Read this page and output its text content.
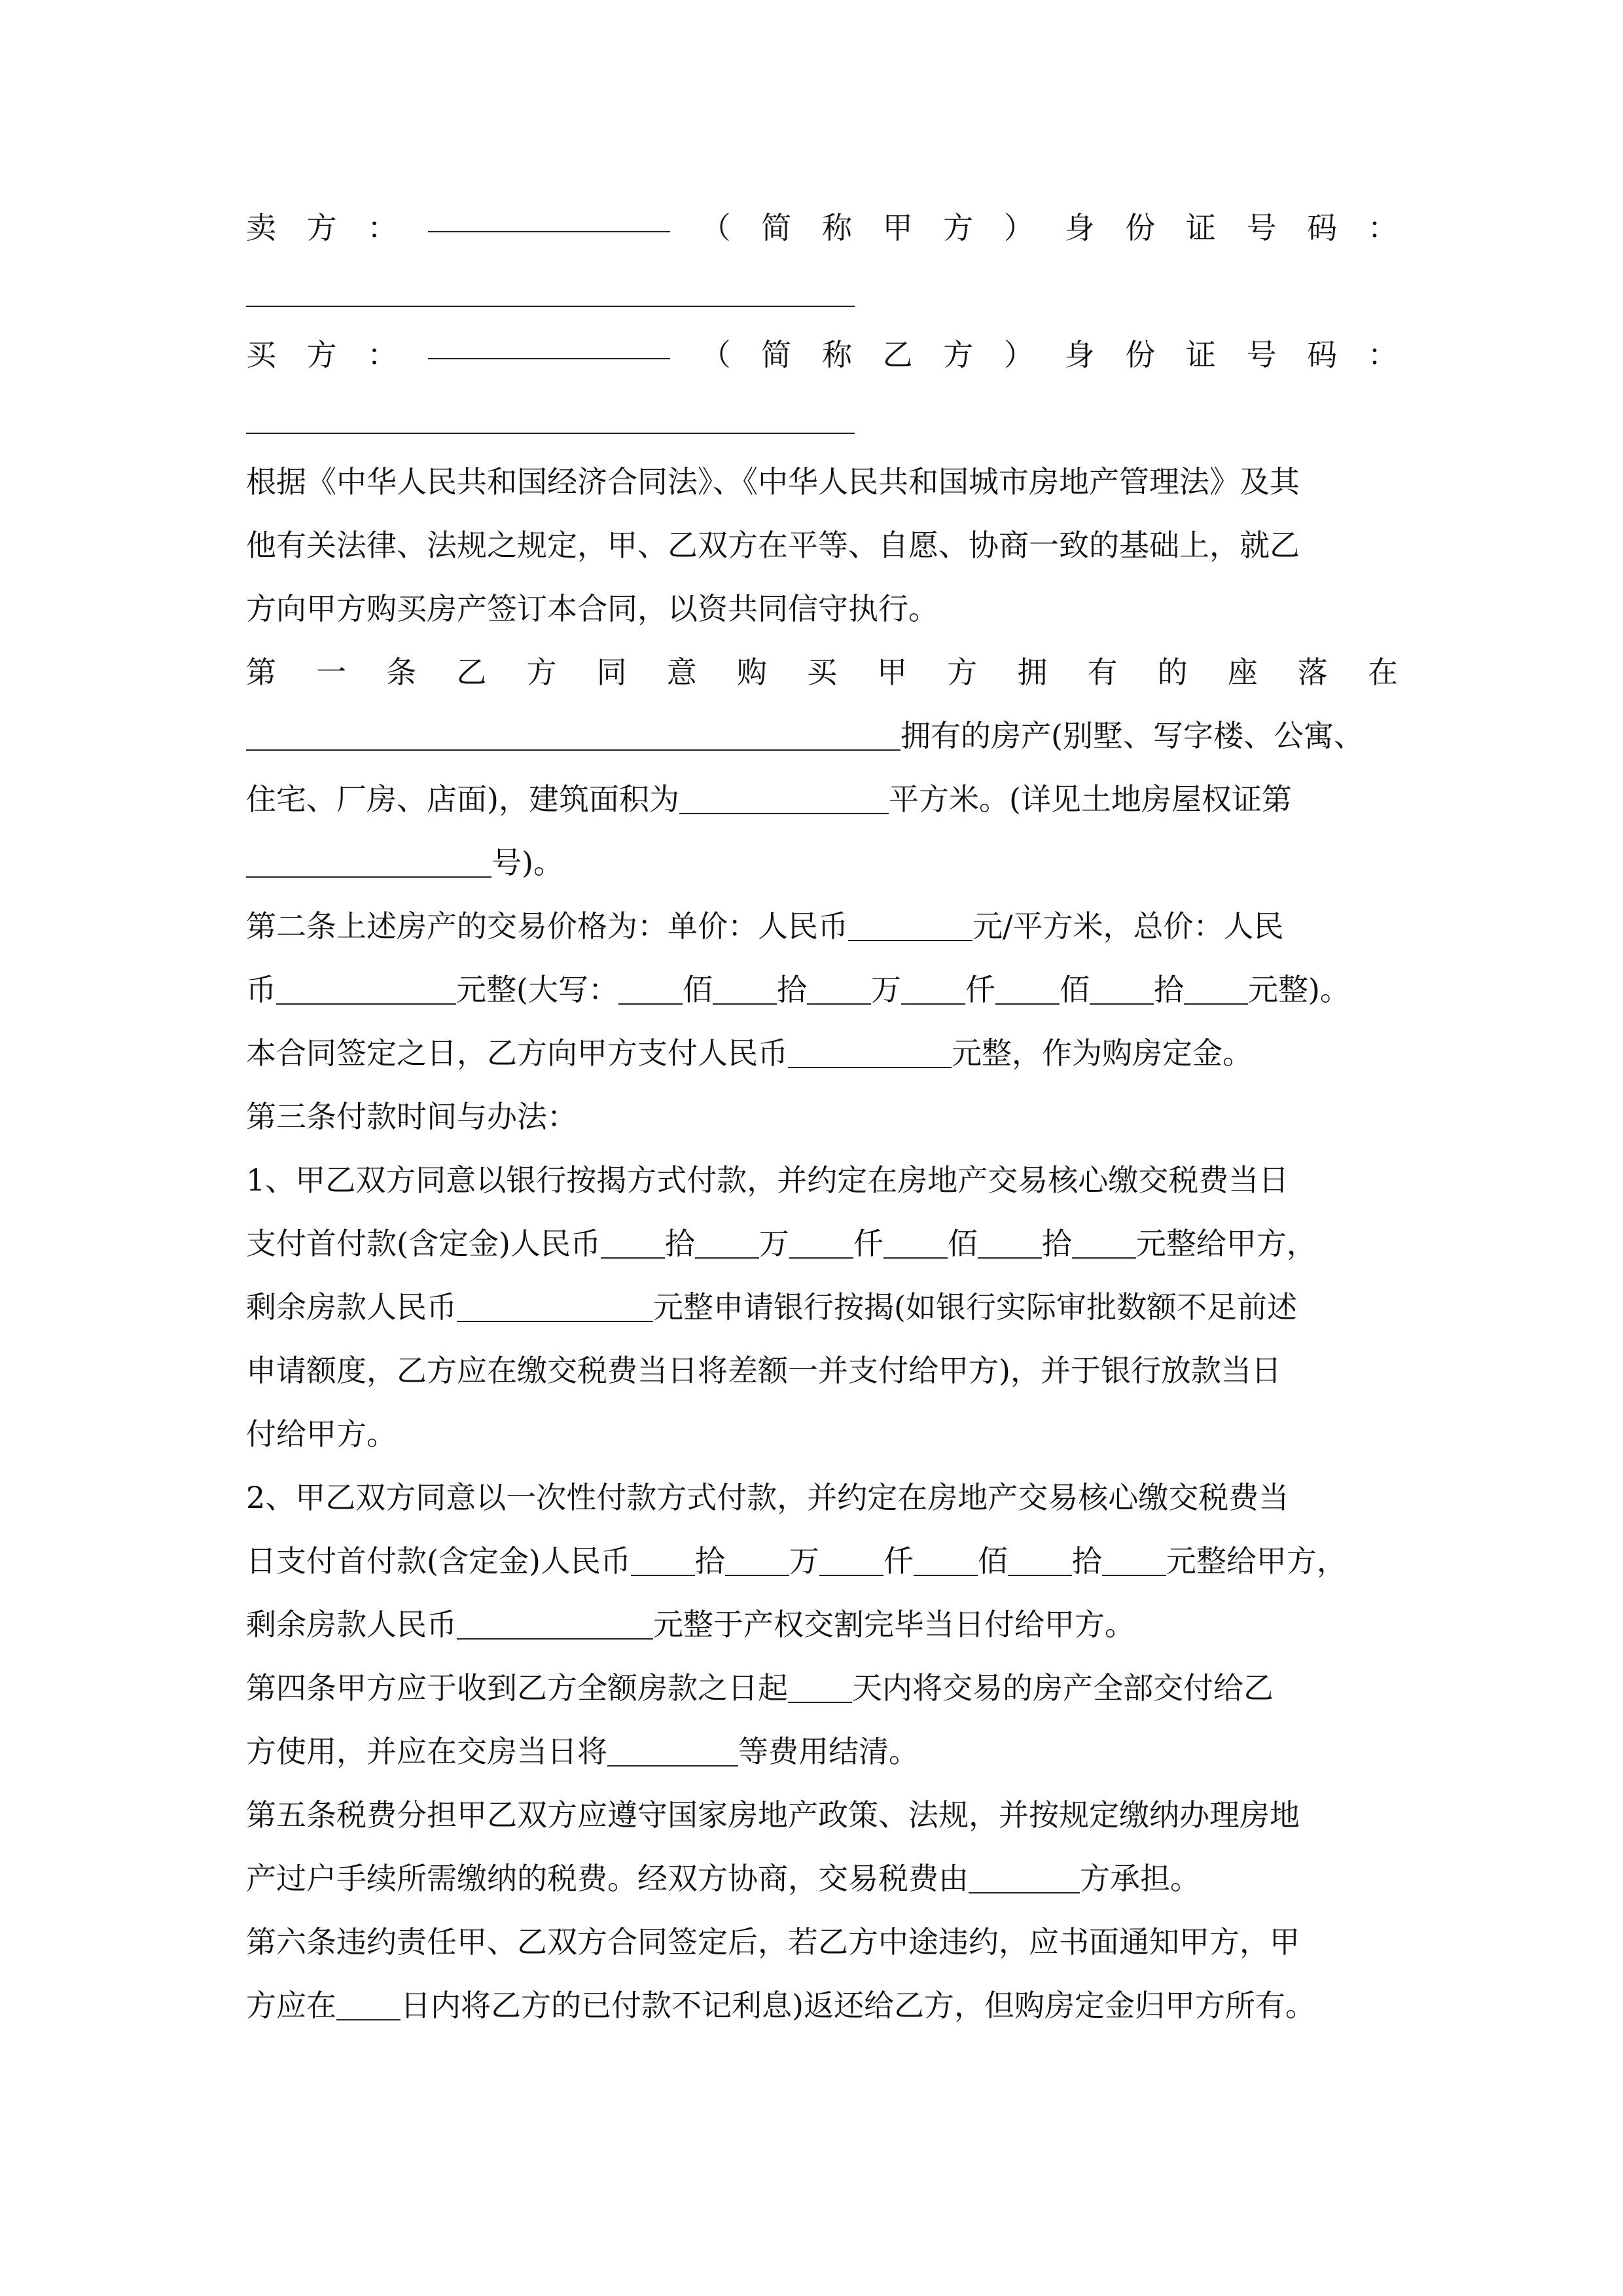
卖 方 ：	（ 简 称 甲 方 ） 身 份 证 号 码 ：
买 方 ：	（ 简 称 乙 方 ） 身 份 证 号 码 ：
根据《中华人民共和国经济合同法》、《中华人民共和国城市房地产管理法》及其
他有关法律、法规之规定，甲、乙双方在平等、自愿、协商一致的基础上，就乙
方向甲方购买房产签订本合同，以资共同信守执行。
第 一 条 乙 方 同 意 购 买 甲 方 拥 有 的 座 落 在
拥有的房产(别墅、写字楼、公寓、
住宅、厂房、店面)，建筑面积为	平方米。(详见土地房屋权证第
号)。
第二条上述房产的交易价格为：单价：人民币	元/平方米，总价：人民
币	元整(大写： 佰 拾 万 仟 佰 拾 元整)。
本合同签定之日，乙方向甲方支付人民币	元整，作为购房定金。
第三条付款时间与办法：
1、甲乙双方同意以银行按揭方式付款，并约定在房地产交易核心缴交税费当日
支付首付款(含定金)人民币 拾 万 仟 佰 拾 元整给甲方，
剩余房款人民币	元整申请银行按揭(如银行实际审批数额不足前述
申请额度，乙方应在缴交税费当日将差额一并支付给甲方)，并于银行放款当日
付给甲方。
2、甲乙双方同意以一次性付款方式付款，并约定在房地产交易核心缴交税费当
日支付首付款(含定金)人民币 拾 万 仟 佰 拾 元整给甲方，
剩余房款人民币	元整于产权交割完毕当日付给甲方。
第四条甲方应于收到乙方全额房款之日起 天内将交易的房产全部交付给乙
方使用，并应在交房当日将	等费用结清。
第五条税费分担甲乙双方应遵守国家房地产政策、法规，并按规定缴纳办理房地
产过户手续所需缴纳的税费。经双方协商，交易税费由	方承担。
第六条违约责任甲、乙双方合同签定后，若乙方中途违约，应书面通知甲方，甲
方应在 日内将乙方的已付款不记利息)返还给乙方，但购房定金归甲方所有。
